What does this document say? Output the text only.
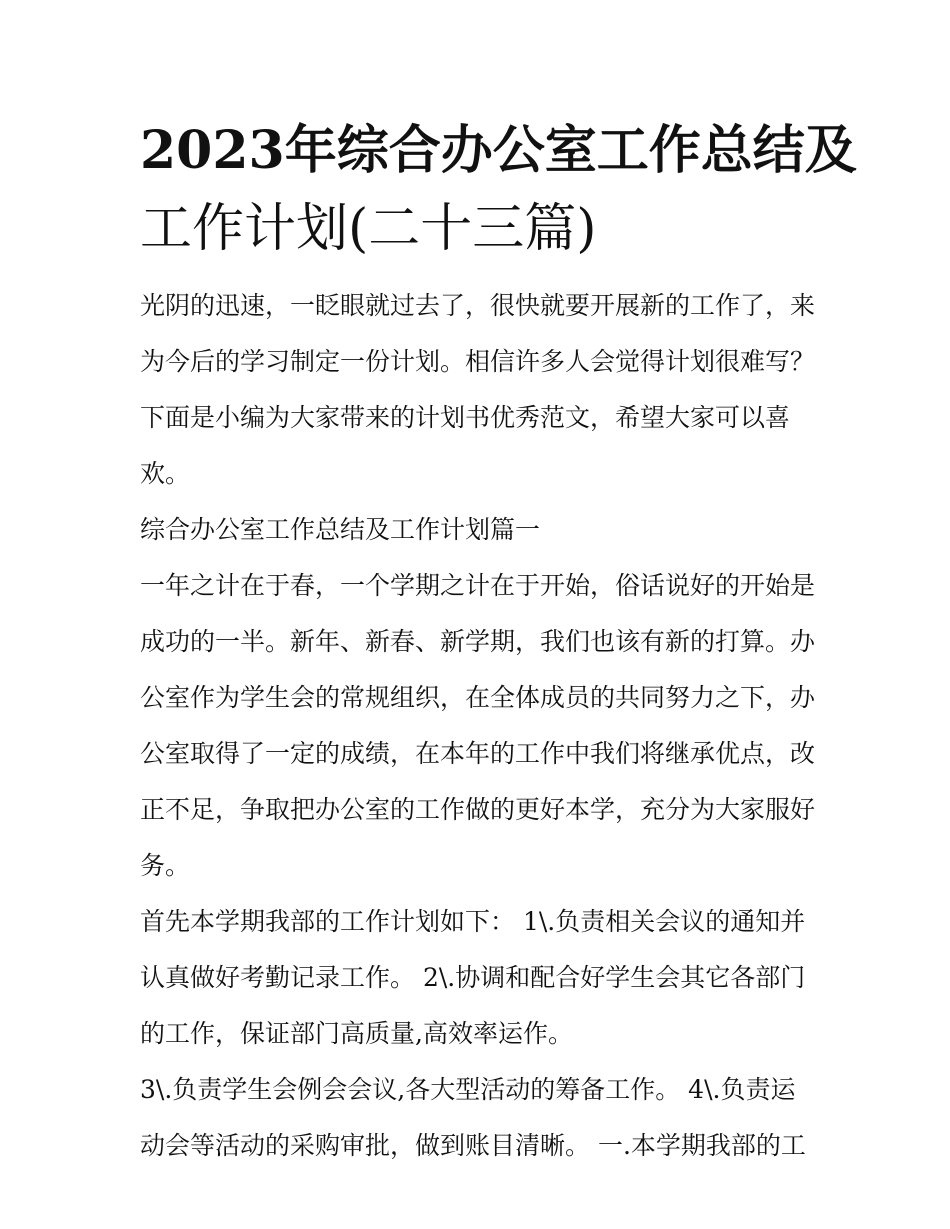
2023年综合办公室工作总结及
工作计划(二十三篇)

光阴的迅速，一眨眼就过去了，很快就要开展新的工作了，来
为今后的学习制定一份计划。相信许多人会觉得计划很难写？
下面是小编为大家带来的计划书优秀范文，希望大家可以喜
欢。

综合办公室工作总结及工作计划篇一

一年之计在于春，一个学期之计在于开始，俗话说好的开始是
成功的一半。新年、新春、新学期，我们也该有新的打算。办
公室作为学生会的常规组织，在全体成员的共同努力之下，办
公室取得了一定的成绩，在本年的工作中我们将继承优点，改
正不足，争取把办公室的工作做的更好本学，充分为大家服好
务。

首先本学期我部的工作计划如下： 1\.负责相关会议的通知并
认真做好考勤记录工作。 2\.协调和配合好学生会其它各部门
的工作，保证部门高质量,高效率运作。

3\.负责学生会例会会议,各大型活动的筹备工作。 4\.负责运
动会等活动的采购审批，做到账目清晰。 一.本学期我部的工
